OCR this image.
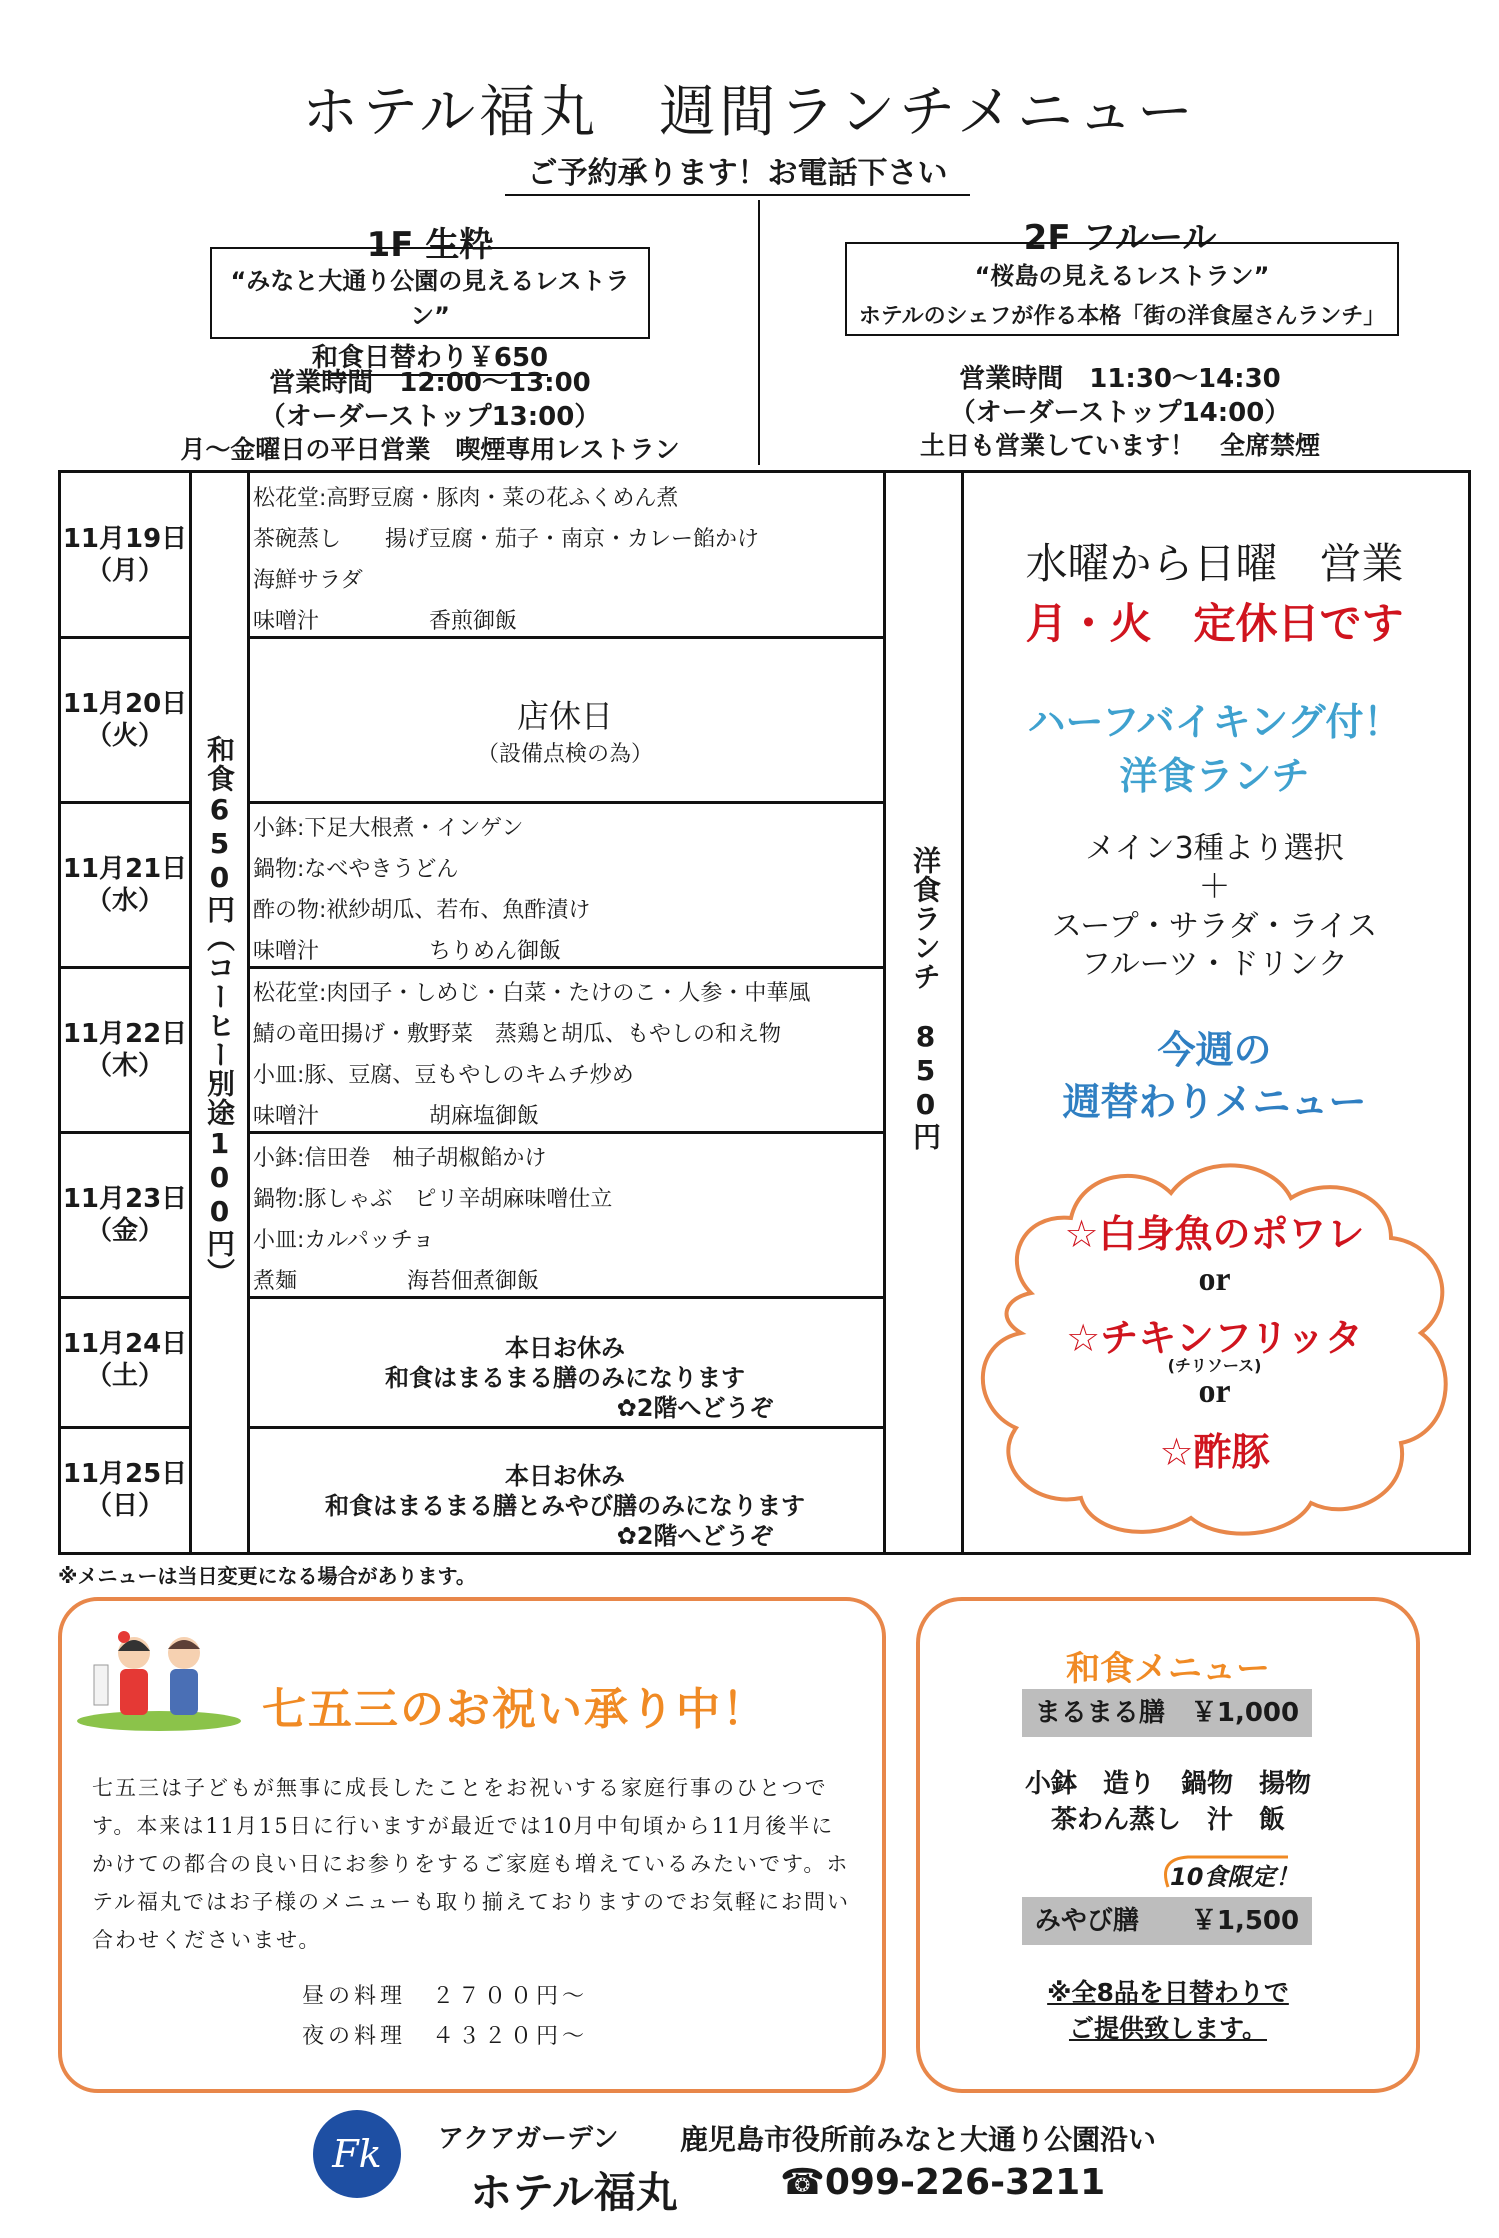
ホテル福丸　週間ランチメニュー
ご予約承ります！お電話下さい
1F 生粋
“みなと大通り公園の見えるレストラン”
和食日替わり￥650
営業時間　12:00～13:00
（オーダーストップ13:00）
月～金曜日の平日営業　喫煙専用レストラン
2F フルール
“桜島の見えるレストラン”
ホテルのシェフが作る本格「街の洋食屋さんランチ」
営業時間　11:30～14:30
（オーダーストップ14:00）
土日も営業しています！　全席禁煙
11月19日
（月）
11月20日
（火）
11月21日
（水）
11月22日
（木）
11月23日
（金）
11月24日
（土）
11月25日
（日）
和食650円（コーヒー別途100円）
松花堂:高野豆腐・豚肉・菜の花ふくめん煮
茶碗蒸し　　揚げ豆腐・茄子・南京・カレー餡かけ
海鮮サラダ
味噌汁　　　　　香煎御飯
店休日
（設備点検の為）
小鉢:下足大根煮・インゲン
鍋物:なべやきうどん
酢の物:袱紗胡瓜、若布、魚酢漬け
味噌汁　　　　　ちりめん御飯
松花堂:肉団子・しめじ・白菜・たけのこ・人参・中華風
鯖の竜田揚げ・敷野菜　蒸鶏と胡瓜、もやしの和え物
小皿:豚、豆腐、豆もやしのキムチ炒め
味噌汁　　　　　胡麻塩御飯
小鉢:信田巻　柚子胡椒餡かけ
鍋物:豚しゃぶ　ピリ辛胡麻味噌仕立
小皿:カルパッチョ
煮麺　　　　　海苔佃煮御飯
本日お休み
和食はまるまる膳のみになります
✿2階へどうぞ
本日お休み
和食はまるまる膳とみやび膳のみになります
✿2階へどうぞ
洋食ランチ　850円
水曜から日曜　営業
月・火　定休日です
ハーフバイキング付！
洋食ランチ
メイン3種より選択
＋
スープ・サラダ・ライス
フルーツ・ドリンク
今週の
週替わりメニュー
☆白身魚のポワレ
or
☆チキンフリッタ
(チリソース)
or
☆酢豚
※メニューは当日変更になる場合があります。
七五三のお祝い承り中！
七五三は子どもが無事に成長したことをお祝いする家庭行事のひとつです。本来は11月15日に行いますが最近では10月中旬頃から11月後半にかけての都合の良い日にお参りをするご家庭も増えているみたいです。ホテル福丸ではお子様のメニューも取り揃えておりますのでお気軽にお問い合わせくださいませ。
昼の料理　２７００円～
夜の料理　４３２０円～
和食メニュー
まるまる膳　￥1,000
小鉢　造り　鍋物　揚物
茶わん蒸し　汁　飯
10食限定！
みやび膳　　￥1,500
※全8品を日替わりで
ご提供致します。
Fk	アクアガーデン
ホテル福丸
鹿児島市役所前みなと大通り公園沿い
☎099-226-3211
